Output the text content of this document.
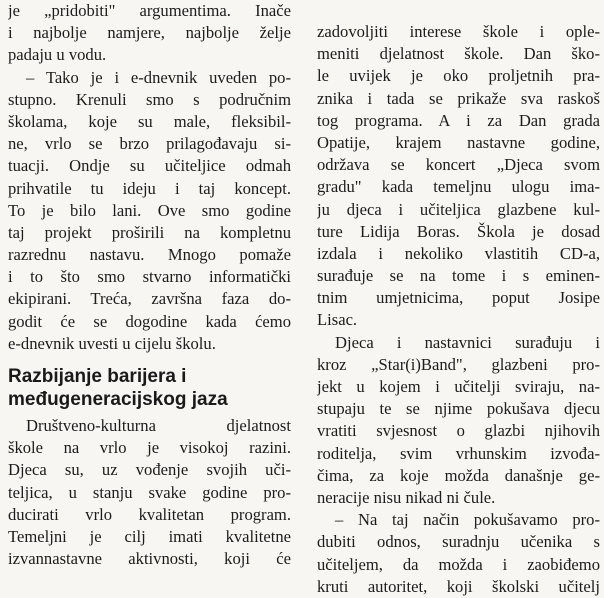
je „pridobiti" argumentima. Inače
i najbolje namjere, najbolje želje
padaju u vodu.
– Tako je i e-dnevnik uveden po-
stupno. Krenuli smo s područnim
školama, koje su male, fleksibil-
ne, vrlo se brzo prilagođavaju si-
tuacji. Ondje su učiteljice odmah
prihvatile tu ideju i taj koncept.
To je bilo lani. Ove smo godine
taj projekt proširili na kompletnu
razrednu nastavu. Mnogo pomaže
i to što smo stvarno informatički
ekipirani. Treća, završna faza do-
godit će se dogodine kada ćemo
e-dnevnik uvesti u cijelu školu.
Razbijanje barijera i
međugeneracijskog jaza
Društveno-kulturna djelatnost
škole na vrlo je visokoj razini.
Djeca su, uz vođenje svojih uči-
teljica, u stanju svake godine pro-
ducirati vrlo kvalitetan program.
Temeljni je cilj imati kvalitetne
izvannastavne aktivnosti, koji će
zadovoljiti interese škole i ople-
meniti djelatnost škole. Dan ško-
le uvijek je oko proljetnih pra-
znika i tada se prikaže sva raskoš
tog programa. A i za Dan grada
Opatije, krajem nastavne godine,
održava se koncert „Djeca svom
gradu" kada temeljnu ulogu ima-
ju djeca i učiteljica glazbene kul-
ture Lidija Boras. Škola je dosad
izdala i nekoliko vlastitih CD-a,
surađuje se na tome i s eminen-
tnim umjetnicima, poput Josipe
Lisac.
Djeca i nastavnici surađuju i
kroz „Star(i)Band", glazbeni pro-
jekt u kojem i učitelji sviraju, na-
stupaju te se njime pokušava djecu
vratiti svjesnost o glazbi njihovih
roditelja, svim vrhunskim izvođa-
čima, za koje možda današnje ge-
neracije nisu nikad ni čule.
– Na taj način pokušavamo pro-
dubiti odnos, suradnju učenika s
učiteljem, da možda i zaobiđemo
kruti autoritet, koji školski učitelj
